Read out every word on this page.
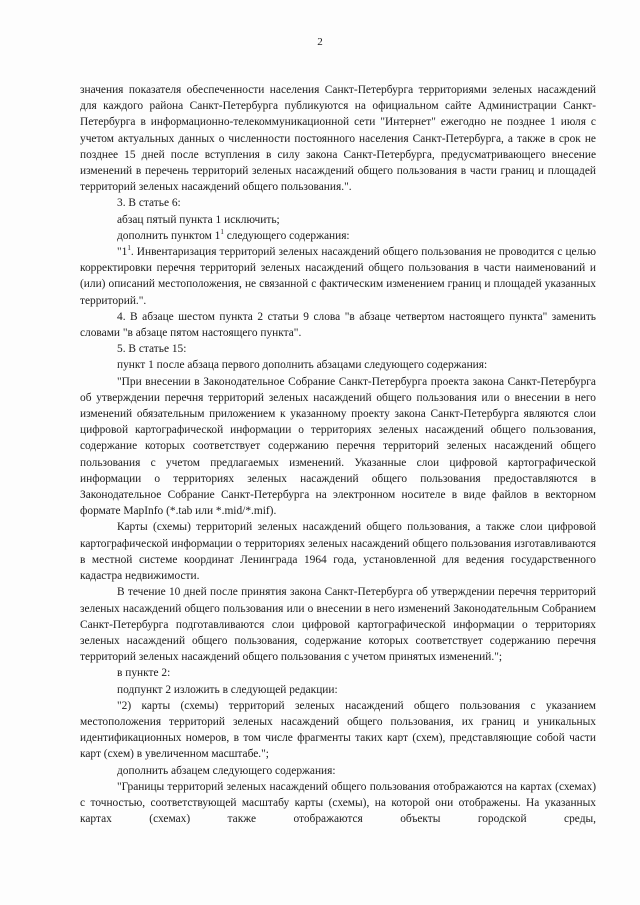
2

значения показателя обеспеченности населения Санкт-Петербурга территориями зеленых насаждений для каждого района Санкт-Петербурга публикуются на официальном сайте Администрации Санкт-Петербурга в информационно-телекоммуникационной сети "Интернет" ежегодно не позднее 1 июля с учетом актуальных данных о численности постоянного населения Санкт-Петербурга, а также в срок не позднее 15 дней после вступления в силу закона Санкт-Петербурга, предусматривающего внесение изменений в перечень территорий зеленых насаждений общего пользования в части границ и площадей территорий зеленых насаждений общего пользования.".

3. В статье 6:

абзац пятый пункта 1 исключить;

дополнить пунктом $1^1$ следующего содержания:

"$1^1$. Инвентаризация территорий зеленых насаждений общего пользования не проводится с целью корректировки перечня территорий зеленых насаждений общего пользования в части наименований и (или) описаний местоположения, не связанной с фактическим изменением границ и площадей указанных территорий.".

4. В абзаце шестом пункта 2 статьи 9 слова "в абзаце четвертом настоящего пункта" заменить словами "в абзаце пятом настоящего пункта".

5. В статье 15:

пункт 1 после абзаца первого дополнить абзацами следующего содержания:

"При внесении в Законодательное Собрание Санкт-Петербурга проекта закона Санкт-Петербурга об утверждении перечня территорий зеленых насаждений общего пользования или о внесении в него изменений обязательным приложением к указанному проекту закона Санкт-Петербурга являются слои цифровой картографической информации о территориях зеленых насаждений общего пользования, содержание которых соответствует содержанию перечня территорий зеленых насаждений общего пользования с учетом предлагаемых изменений. Указанные слои цифровой картографической информации о территориях зеленых насаждений общего пользования предоставляются в Законодательное Собрание Санкт-Петербурга на электронном носителе в виде файлов в векторном формате MapInfo (*.tab или *.mid/*.mif).

Карты (схемы) территорий зеленых насаждений общего пользования, а также слои цифровой картографической информации о территориях зеленых насаждений общего пользования изготавливаются в местной системе координат Ленинграда 1964 года, установленной для ведения государственного кадастра недвижимости.

В течение 10 дней после принятия закона Санкт-Петербурга об утверждении перечня территорий зеленых насаждений общего пользования или о внесении в него изменений Законодательным Собранием Санкт-Петербурга подготавливаются слои цифровой картографической информации о территориях зеленых насаждений общего пользования, содержание которых соответствует содержанию перечня территорий зеленых насаждений общего пользования с учетом принятых изменений.";

в пункте 2:

подпункт 2 изложить в следующей редакции:

"2) карты (схемы) территорий зеленых насаждений общего пользования с указанием местоположения территорий зеленых насаждений общего пользования, их границ и уникальных идентификационных номеров, в том числе фрагменты таких карт (схем), представляющие собой части карт (схем) в увеличенном масштабе.";

дополнить абзацем следующего содержания:

"Границы территорий зеленых насаждений общего пользования отображаются на картах (схемах) с точностью, соответствующей масштабу карты (схемы), на которой они отображены. На указанных картах (схемах) также отображаются объекты городской среды,
